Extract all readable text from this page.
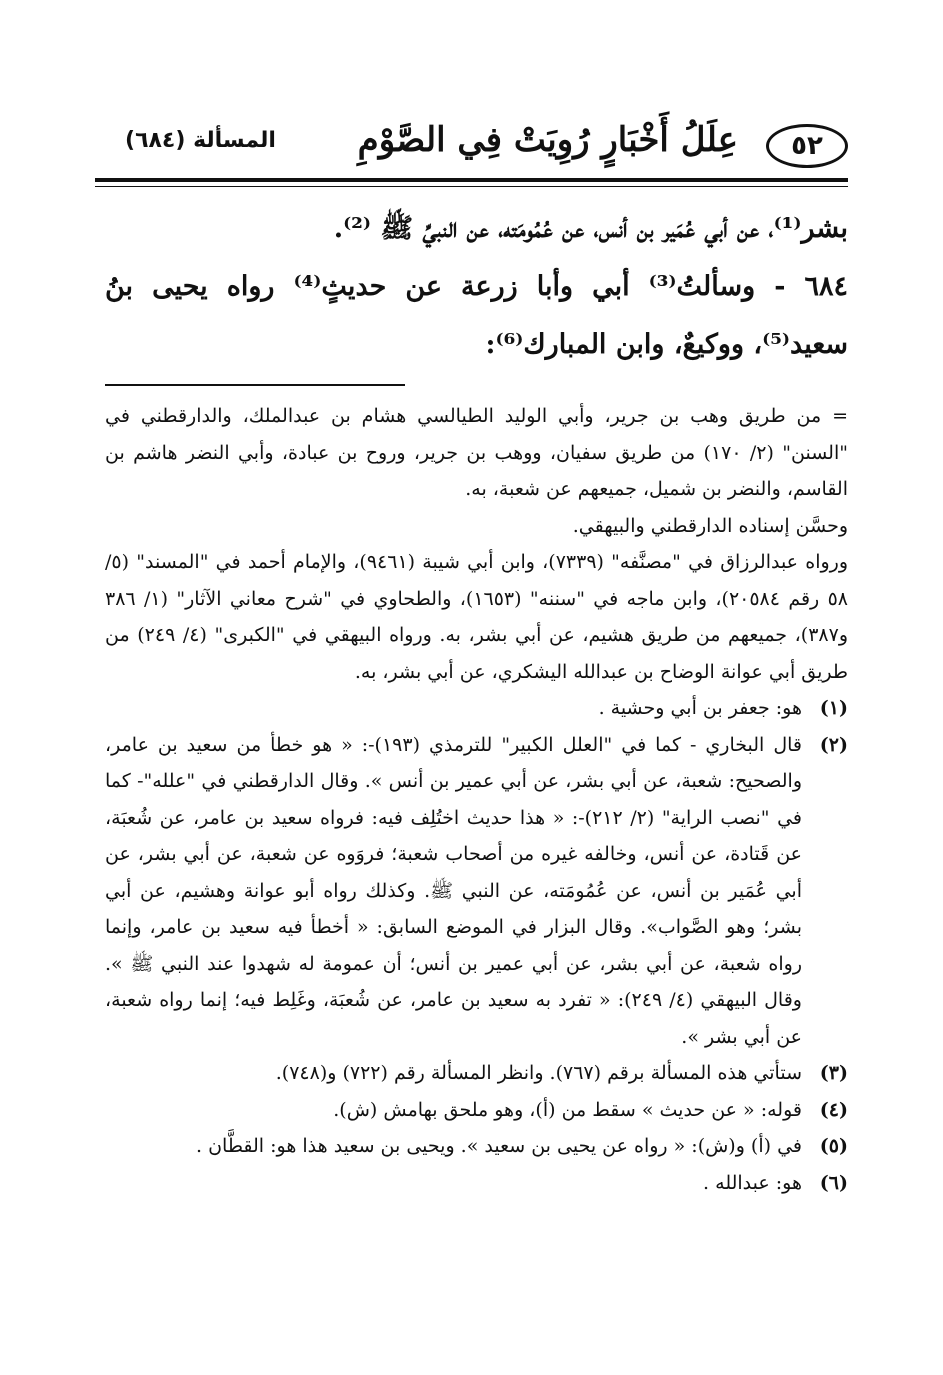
٥٢
عِلَلُ أَخْبَارٍ رُوِيَتْ فِي الصَّوْمِ
المسألة (٦٨٤)

بشر⁽¹⁾، عن أبي عُمَير بن أنس، عن عُمُومَته، عن النبيِّ ﷺ ⁽²⁾.

٦٨٤ - وسألتُ⁽³⁾ أبي وأبا زرعة عن حديثٍ⁽⁴⁾ رواه يحيى بنُ سعيد⁽⁵⁾، ووكيعٌ، وابن المبارك⁽⁶⁾:

= من طريق وهب بن جرير، وأبي الوليد الطيالسي هشام بن عبدالملك، والدارقطني في "السنن" (٢/ ١٧٠) من طريق سفيان، ووهب بن جرير، وروح بن عبادة، وأبي النضر هاشم بن القاسم، والنضر بن شميل، جميعهم عن شعبة، به.

وحسَّن إسناده الدارقطني والبيهقي.

ورواه عبدالرزاق في "مصنَّفه" (٧٣٣٩)، وابن أبي شيبة (٩٤٦١)، والإمام أحمد في "المسند" (٥/ ٥٨ رقم ٢٠٥٨٤)، وابن ماجه في "سننه" (١٦٥٣)، والطحاوي في "شرح معاني الآثار" (١/ ٣٨٦ و٣٨٧)، جميعهم من طريق هشيم، عن أبي بشر، به. ورواه البيهقي في "الكبرى" (٤/ ٢٤٩) من طريق أبي عوانة الوضاح بن عبدالله اليشكري، عن أبي بشر، به.

(١)
هو: جعفر بن أبي وحشية .
(٢)
قال البخاري - كما في "العلل الكبير" للترمذي (١٩٣)-: « هو خطأ من سعيد بن عامر، والصحيح: شعبة، عن أبي بشر، عن أبي عمير بن أنس ». وقال الدارقطني في "علله"- كما في "نصب الراية" (٢/ ٢١٢)-: « هذا حديث اختُلِف فيه: فرواه سعيد بن عامر، عن شُعبَة، عن قَتادة، عن أنس، وخالفه غيره من أصحاب شعبة؛ فروَوه عن شعبة، عن أبي بشر، عن أبي عُمَير بن أنس، عن عُمُومَته، عن النبي ﷺ. وكذلك رواه أبو عوانة وهشيم، عن أبي بشر؛ وهو الصَّواب». وقال البزار في الموضع السابق: « أخطأ فيه سعيد بن عامر، وإنما رواه شعبة، عن أبي بشر، عن أبي عمير بن أنس؛ أن عمومة له شهدوا عند النبي ﷺ ». وقال البيهقي (٤/ ٢٤٩): « تفرد به سعيد بن عامر، عن شُعبَة، وغَلِط فيه؛ إنما رواه شعبة، عن أبي بشر ».
(٣)
ستأتي هذه المسألة برقم (٧٦٧). وانظر المسألة رقم (٧٢٢) و(٧٤٨).
(٤)
قوله: « عن حديث » سقط من (أ)، وهو ملحق بهامش (ش).
(٥)
في (أ) و(ش): « رواه عن يحيى بن سعيد ». ويحيى بن سعيد هذا هو: القطَّان .
(٦)
هو: عبدالله .
